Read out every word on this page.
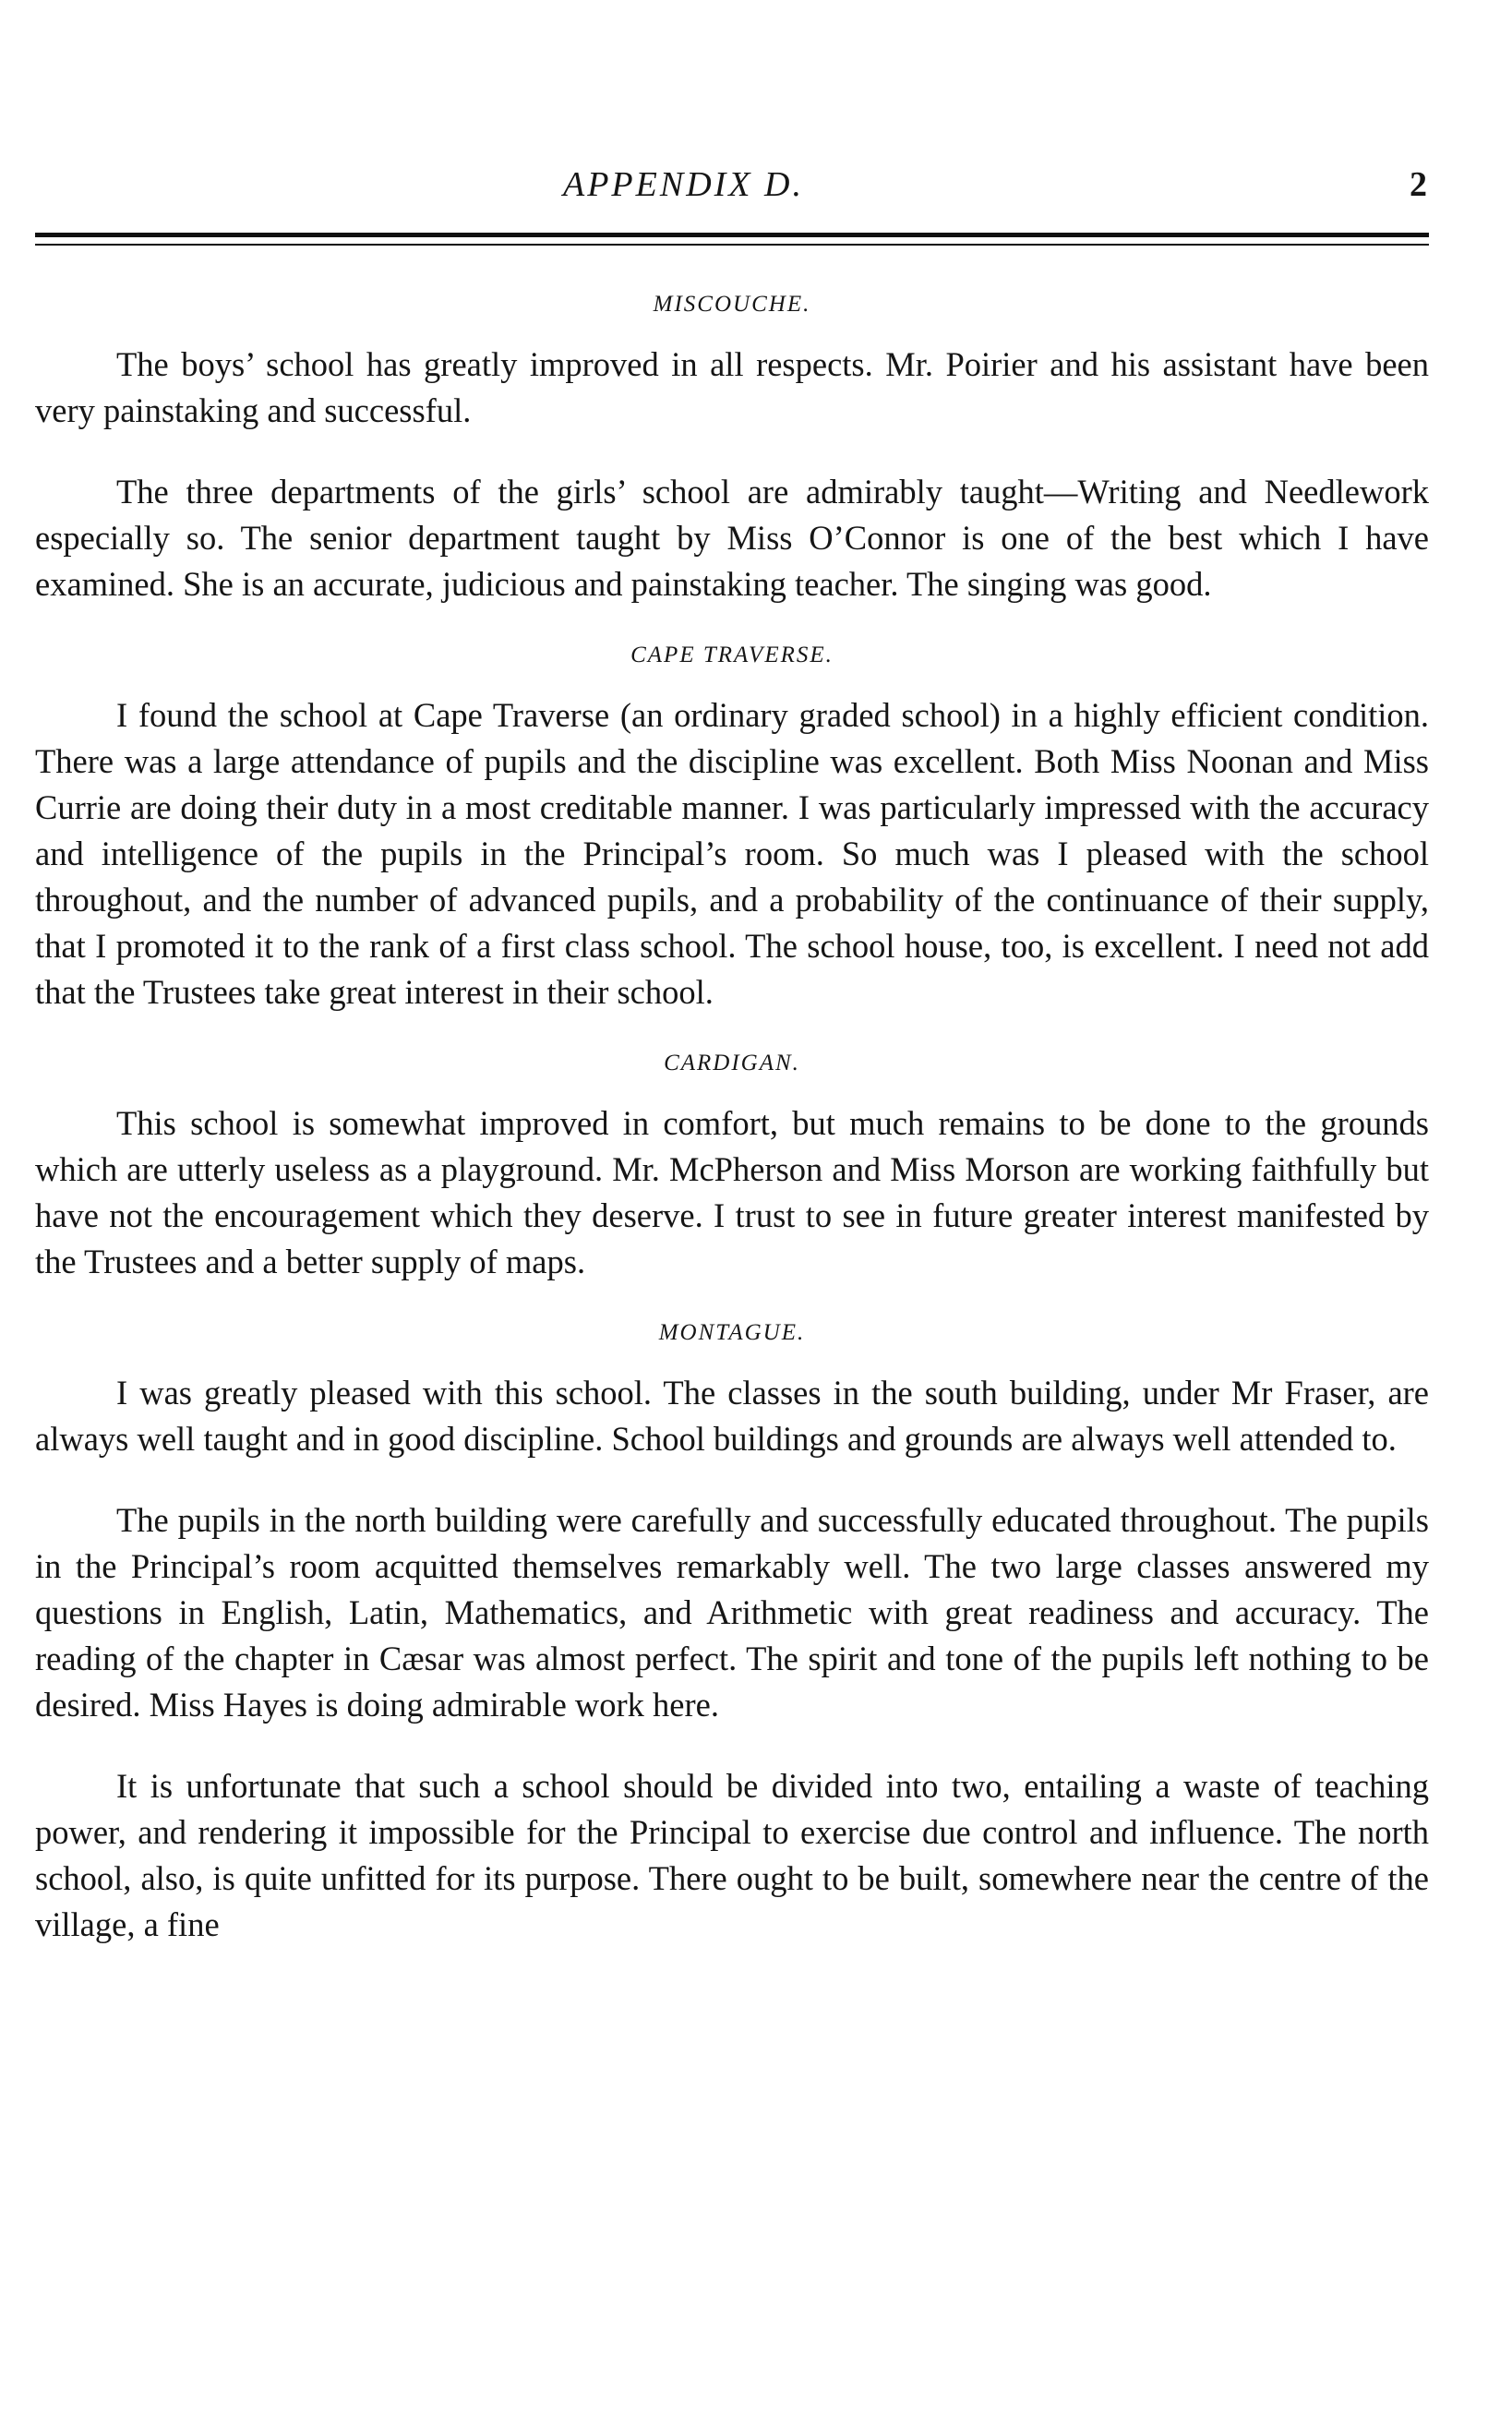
APPENDIX D.	2
MISCOUCHE.

The boys’ school has greatly improved in all respects. Mr. Poirier and his assistant have been very painstaking and successful.

The three departments of the girls’ school are admirably taught—Writing and Needlework especially so. The senior department taught by Miss O’Connor is one of the best which I have examined. She is an accurate, judicious and painstaking teacher. The singing was good.

CAPE TRAVERSE.

I found the school at Cape Traverse (an ordinary graded school) in a highly efficient condition. There was a large attendance of pupils and the discipline was excellent. Both Miss Noonan and Miss Currie are doing their duty in a most creditable manner. I was particularly impressed with the accuracy and intelligence of the pupils in the Principal’s room. So much was I pleased with the school throughout, and the number of advanced pupils, and a probability of the continuance of their supply, that I promoted it to the rank of a first class school. The school house, too, is excellent. I need not add that the Trustees take great interest in their school.

CARDIGAN.

This school is somewhat improved in comfort, but much remains to be done to the grounds which are utterly useless as a playground. Mr. McPherson and Miss Morson are working faithfully but have not the encouragement which they deserve. I trust to see in future greater interest manifested by the Trustees and a better supply of maps.

MONTAGUE.

I was greatly pleased with this school. The classes in the south building, under Mr Fraser, are always well taught and in good discipline. School buildings and grounds are always well attended to.

The pupils in the north building were carefully and successfully educated throughout. The pupils in the Principal’s room acquitted themselves remarkably well. The two large classes answered my questions in English, Latin, Mathematics, and Arithmetic with great readiness and accuracy. The reading of the chapter in Cæsar was almost perfect. The spirit and tone of the pupils left nothing to be desired. Miss Hayes is doing admirable work here.

It is unfortunate that such a school should be divided into two, entailing a waste of teaching power, and rendering it impossible for the Principal to exercise due control and influence. The north school, also, is quite unfitted for its purpose. There ought to be built, somewhere near the centre of the village, a fine
